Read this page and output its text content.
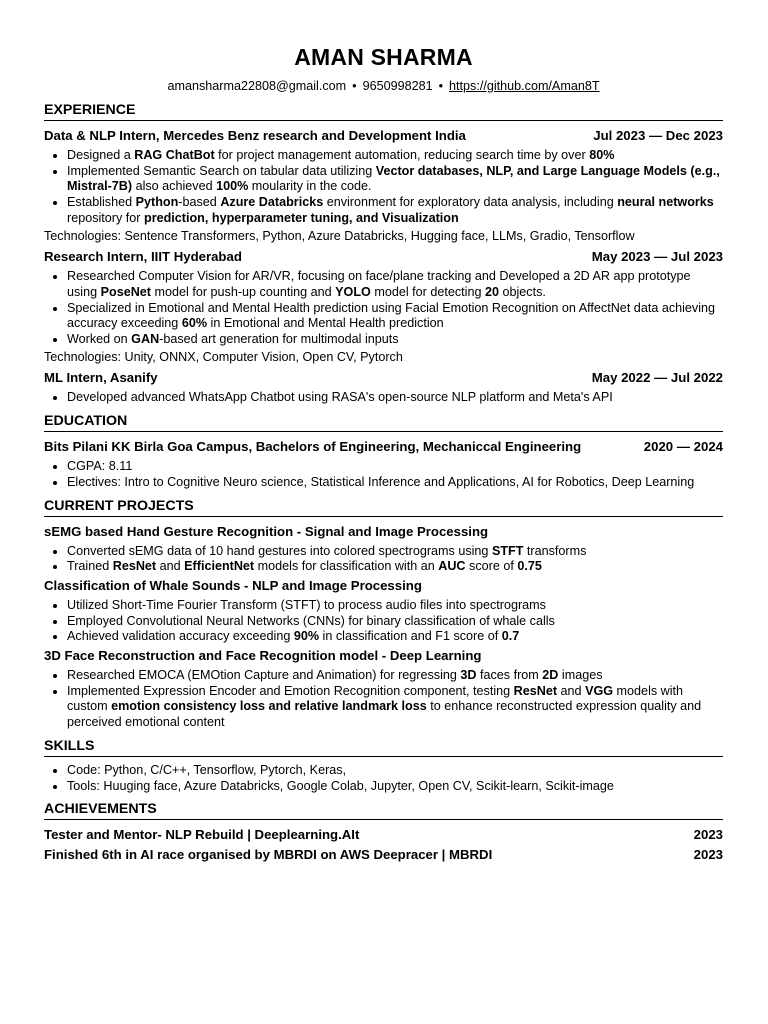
AMAN SHARMA
amansharma22808@gmail.com • 9650998281 • https://github.com/Aman8T
EXPERIENCE
Data & NLP Intern, Mercedes Benz research and Development India	Jul 2023 — Dec 2023
• Designed a RAG ChatBot for project management automation, reducing search time by over 80%
• Implemented Semantic Search on tabular data utilizing Vector databases, NLP, and Large Language Models (e.g., Mistral-7B) also achieved 100% moularity in the code.
• Established Python-based Azure Databricks environment for exploratory data analysis, including neural networks repository for prediction, hyperparameter tuning, and Visualization
Technologies: Sentence Transformers, Python, Azure Databricks, Hugging face, LLMs, Gradio, Tensorflow
Research Intern, IIIT Hyderabad	May 2023 — Jul 2023
• Researched Computer Vision for AR/VR, focusing on face/plane tracking and Developed a 2D AR app prototype using PoseNet model for push-up counting and YOLO model for detecting 20 objects.
• Specialized in Emotional and Mental Health prediction using Facial Emotion Recognition on AffectNet data achieving accuracy exceeding 60% in Emotional and Mental Health prediction
• Worked on GAN-based art generation for multimodal inputs
Technologies: Unity, ONNX, Computer Vision, Open CV, Pytorch
ML Intern, Asanify	May 2022 — Jul 2022
• Developed advanced WhatsApp Chatbot using RASA's open-source NLP platform and Meta's API
EDUCATION
Bits Pilani KK Birla Goa Campus, Bachelors of Engineering, Mechaniccal Engineering	2020 — 2024
• CGPA: 8.11
• Electives: Intro to Cognitive Neuro science, Statistical Inference and Applications, AI for Robotics, Deep Learning
CURRENT PROJECTS
sEMG based Hand Gesture Recognition - Signal and Image Processing
• Converted sEMG data of 10 hand gestures into colored spectrograms using STFT transforms
• Trained ResNet and EfficientNet models for classification with an AUC score of 0.75
Classification of Whale Sounds - NLP and Image Processing
• Utilized Short-Time Fourier Transform (STFT) to process audio files into spectrograms
• Employed Convolutional Neural Networks (CNNs) for binary classification of whale calls
• Achieved validation accuracy exceeding 90% in classification and F1 score of 0.7
3D Face Reconstruction and Face Recognition model - Deep Learning
• Researched EMOCA (EMOtion Capture and Animation) for regressing 3D faces from 2D images
• Implemented Expression Encoder and Emotion Recognition component, testing ResNet and VGG models with custom emotion consistency loss and relative landmark loss to enhance reconstructed expression quality and perceived emotional content
SKILLS
• Code: Python, C/C++, Tensorflow, Pytorch, Keras,
• Tools: Huuging face, Azure Databricks, Google Colab, Jupyter, Open CV, Scikit-learn, Scikit-image
ACHIEVEMENTS
Tester and Mentor- NLP Rebuild | Deeplearning.AIt	2023
Finished 6th in AI race organised by MBRDI on AWS Deepracer | MBRDI	2023
